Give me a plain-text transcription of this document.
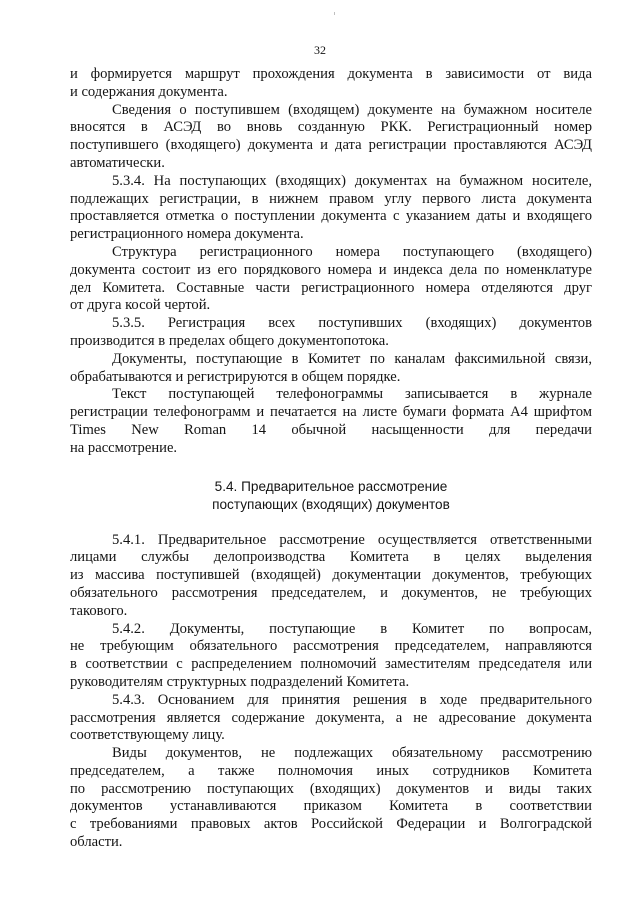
32
и формируется маршрут прохождения документа в зависимости от вида
и содержания документа.
Сведения о поступившем (входящем) документе на бумажном носителе
вносятся в АСЭД во вновь созданную РКК. Регистрационный номер
поступившего (входящего) документа и дата регистрации проставляются АСЭД
автоматически.
5.3.4. На поступающих (входящих) документах на бумажном носителе,
подлежащих регистрации, в нижнем правом углу первого листа документа
проставляется отметка о поступлении документа с указанием даты и входящего
регистрационного номера документа.
Структура регистрационного номера поступающего (входящего)
документа состоит из его порядкового номера и индекса дела по номенклатуре
дел Комитета. Составные части регистрационного номера отделяются друг
от друга косой чертой.
5.3.5. Регистрация всех поступивших (входящих) документов
производится в пределах общего документопотока.
Документы, поступающие в Комитет по каналам факсимильной связи,
обрабатываются и регистрируются в общем порядке.
Текст поступающей телефонограммы записывается в журнале
регистрации телефонограмм и печатается на листе бумаги формата А4 шрифтом
Times New Roman 14 обычной насыщенности для передачи
на рассмотрение.
5.4. Предварительное рассмотрение
поступающих (входящих) документов
5.4.1. Предварительное рассмотрение осуществляется ответственными
лицами службы делопроизводства Комитета в целях выделения
из массива поступившей (входящей) документации документов, требующих
обязательного рассмотрения председателем, и документов, не требующих
такового.
5.4.2. Документы, поступающие в Комитет по вопросам,
не требующим обязательного рассмотрения председателем, направляются
в соответствии с распределением полномочий заместителям председателя или
руководителям структурных подразделений Комитета.
5.4.3. Основанием для принятия решения в ходе предварительного
рассмотрения является содержание документа, а не адресование документа
соответствующему лицу.
Виды документов, не подлежащих обязательному рассмотрению
председателем, а также полномочия иных сотрудников Комитета
по рассмотрению поступающих (входящих) документов и виды таких
документов устанавливаются приказом Комитета в соответствии
с требованиями правовых актов Российской Федерации и Волгоградской
области.
